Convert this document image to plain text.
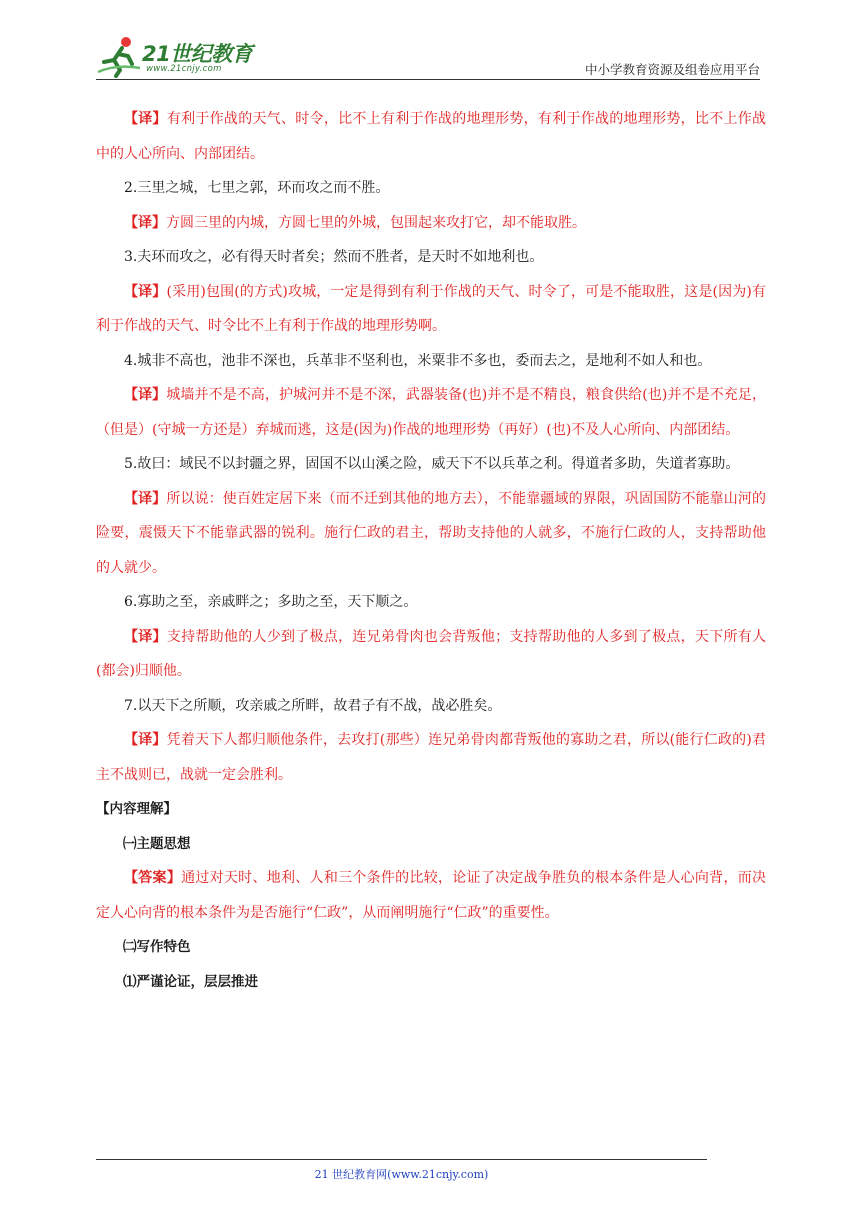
21世纪教育
www.21cnjy.com	中小学教育资源及组卷应用平台

【译】有利于作战的天气、时令，比不上有利于作战的地理形势，有利于作战的地理形势，比不上作战中的人心所向、内部团结。

2.三里之城，七里之郭，环而攻之而不胜。

【译】方圆三里的内城，方圆七里的外城，包围起来攻打它，却不能取胜。

3.夫环而攻之，必有得天时者矣；然而不胜者，是天时不如地利也。

【译】(采用)包围(的方式)攻城，一定是得到有利于作战的天气、时令了，可是不能取胜，这是(因为)有利于作战的天气、时令比不上有利于作战的地理形势啊。

4.城非不高也，池非不深也，兵革非不坚利也，米粟非不多也，委而去之，是地利不如人和也。

【译】城墙并不是不高，护城河并不是不深，武器装备(也)并不是不精良，粮食供给(也)并不是不充足，（但是）(守城一方还是）弃城而逃，这是(因为)作战的地理形势（再好）(也)不及人心所向、内部团结。

5.故曰：域民不以封疆之界，固国不以山溪之险，威天下不以兵革之利。得道者多助，失道者寡助。

【译】所以说：使百姓定居下来（而不迁到其他的地方去），不能靠疆域的界限，巩固国防不能靠山河的险要，震慑天下不能靠武器的锐利。施行仁政的君主，帮助支持他的人就多，不施行仁政的人，支持帮助他的人就少。

6.寡助之至，亲戚畔之；多助之至，天下顺之。

【译】支持帮助他的人少到了极点，连兄弟骨肉也会背叛他；支持帮助他的人多到了极点，天下所有人(都会)归顺他。

7.以天下之所顺，攻亲戚之所畔，故君子有不战，战必胜矣。

【译】凭着天下人都归顺他条件，去攻打(那些）连兄弟骨肉都背叛他的寡助之君，所以(能行仁政的)君主不战则已，战就一定会胜利。

【内容理解】

㈠主题思想

【答案】通过对天时、地利、人和三个条件的比较，论证了决定战争胜负的根本条件是人心向背，而决定人心向背的根本条件为是否施行“仁政”，从而阐明施行“仁政”的重要性。

㈡写作特色

⑴严谨论证，层层推进

21 世纪教育网(www.21cnjy.com)
